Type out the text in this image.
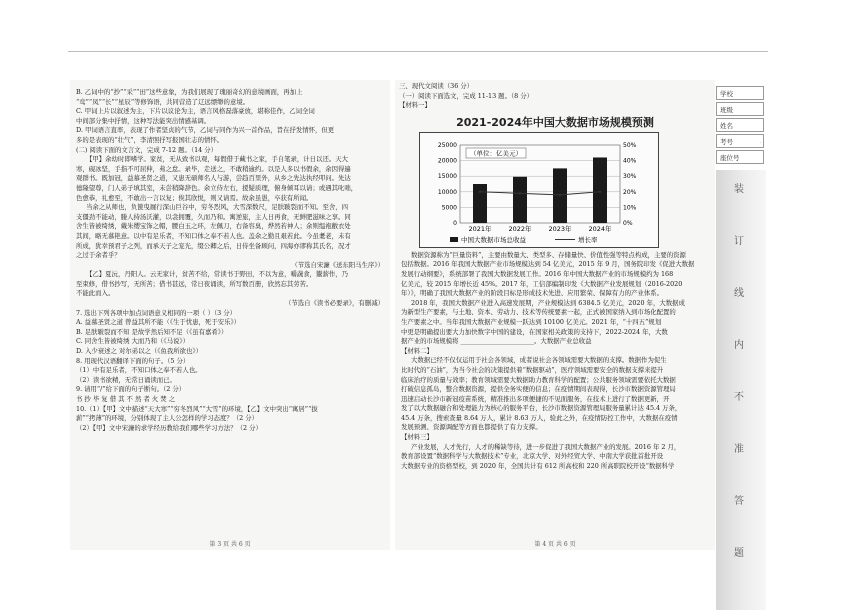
B. 乙词中的“抄”“采”“田”这些意象，为我们展现了瑰丽奇幻的意境画面，再加上
“鸾”“凤”“长”“星辰”等修饰语，共同营造了辽远缥缈的意境。
C. 甲词上片以叙述为主，下片以议论为主，语言风格磊落豪放，堪称佳作，乙词全词
中间部分集中抒情，这种写法能突出情感基调。
D. 甲词语言直率，表现了作者坚贞的气节，乙词与同作为兴一首作品，旨在抒发情怀，但更
多的是表现的“壮气”，李清照抒写报国壮志的情怀。
(二) 阅读下面的文言文，完成 7-12 题。（14 分）
【甲】余幼时即嗜学。家贫，无从致书以观，每假借于藏书之家，手自笔录，计日以还。天大
寒，砚冰坚，手指不可屈伸，弗之怠。录毕，走送之，不敢稍逾约。以是人多以书假余，余因得遍
观群书。既加冠，益慕圣贤之道，又患无硕师名人与游，尝趋百里外，从乡之先达执经叩问。先达
德隆望尊，门人弟子填其室，未尝稍降辞色。余立侍左右，援疑质理，俯身倾耳以请；或遇其叱咄，
色愈恭，礼愈至，不敢出一言以复；俟其欣悦，则又请焉。故余虽愚，卒获有所闻。
当余之从师也，负箧曳屣行深山巨谷中，穷冬烈风，大雪深数尺，足肤皲裂而不知。至舍，四
支僵劲不能动，媵人持汤沃灌，以衾拥覆，久而乃和。寓逆旅，主人日再食，无鲜肥滋味之享。同
舍生皆被绮绣，戴朱缨宝饰之帽，腰白玉之环，左佩刀，右备容臭，烨然若神人；余则缊袍敝衣处
其间，略无慕艳意。以中有足乐者，不知口体之奉不若人也。盖余之勤且艰若此。今虽耄老，未有
所成，犹幸预君子之列，而承天子之宠光，缀公卿之后，日侍坐备顾问，四海亦谬称其氏名，况才
之过于余者乎？
（节选自宋濂《送东阳马生序》）
【乙】夏沅，丹阳人。云无家计，贫苦不给，常读书于野田，不以为意，嚼蔬食，鬻薪作，乃
至束修，借书抄写，无所苦；借书甚远，常日夜诵读，所写数百册，欣然忘其劳苦。
不能此而入。
（节选自《读书必要录》，有删减）
7. 选出下列各项中加点词语意义相同的一项（ ）（3 分）
A. 益慕圣贤之道 曾益其所不能（《生于忧患，死于安乐》）
B. 足肤皲裂而不知 是故学然后知不足（《虽有嘉肴》）
C. 同舍生皆被绮绣 大而乃和（《马说》）
D. 入少衰述之 对尔弟以之（《鱼我所欲也》）
8. 用现代汉语翻译下面的句子。（5 分）
（1）中有足乐者，不知口体之奉不若人也。
（2）读书欲精，无常日诵读而已。
9. 请用“/”给下面的句子断句。（2 分）
书 抄 毕 复 借 其 不 然 者 火 焚 之
10.（1）【甲】文中描述“天大寒”“穷冬烈风”“大雪”的环境，【乙】文中突出“寓居”“拔
薪”“拷薄”的环境，分别体现了主人公怎样的学习态度？（2 分）
（2）【甲】文中宋濂的求学经历教给我们哪些学习方法？（2 分）
第 3 页 共 6 页
三、现代文阅读（36 分）
（一）阅读下面选文，完成 11-13 题。（8 分）
【材料一】
2021-2024年中国大数据市场规模预测
0
5000
10000
15000
20000
25000
0%
10%
20%
30%
40%
50%
2021年	2022年	2023年	2024年
（单位：亿美元）
中国大数据市场总收益	增长率
数据资源称为“巨量资料”，主要由数量大、类型多、存储量快、价值性强等特点构成，主要的资源
包括数据。2016 年我国大数据产业市场规模达到 54 亿美元，2015 年 9 月，国务院印发《促进大数据
发展行动纲要》，系统部署了我国大数据发展工作。2016 年中国大数据产业的市场规模约为 168
亿美元，较 2015 年增长近 45%。2017 年，工信部编制印发《大数据产业发展规划（2016-2020
年）》，明确了我国大数据产业的阶段目标是形成技术先进、应用繁荣、保障有力的产业体系。
2018 年，我国大数据产业进入高速发展期，产业规模达到 6384.5 亿美元，2020 年，大数据成
为新型生产要素，与土地、资本、劳动力、技术等传统要素一起，正式被国家纳入到市场化配置的
生产要素之中。当年我国大数据产业规模一跃达到 10100 亿美元。2021 年，“十四五”规划
中更是明确提出要大力加快数字中国的建设，在国家相关政策的支持下，2022-2024 年，大数
据产业的市场规模将 _______________________。大数据产业总收益
【材料二】
大数据已经不仅仅运用于社会各领域，成者说社会各领域需要大数据的支撑。数据作为促生
比时代的“石油”，为当今社会的决策提供着“数据驱动”，医疗领域需要安全的数据支撑来提升
临床治疗的质量与效率；教育领域需要大数据助力教育科学的配置；公共服务领域需要依托大数据
打破信息孤岛，整合数据资源，提供全务实便的信息；在疫情期间表现得，长沙市数据资源管理局
迅速启动长沙市新冠疫苗系统，精准推出多项便捷的不见面服务，在技术上进行了数据更新，开
发了以大数据融合和处理能力为核心的服务平台，长沙市数据资源管理局服务量累计达 45.4 万条，
45.4 万条，搜索查量 8.64 万人，累计 8.63 万人，验此之外，在疫情防控工作中，大数据在疫情
发展预测、资源调配等方面也都提供了有力支撑。
【材料三】
产业发展，人才先行，人才的稀缺等待，进一步促进了我国大数据产业的发展。2016 年 2 月，
教育部设置“数据科学与大数据技术”专业，北京大学、对外经贸大学、中南大学获批首批开设
大数据专业的资格型校，到 2020 年，全国共计有 612 所高校和 220 所高职院校开设“数据科学
第 4 页 共 6 页
学校
班级
姓名
考号
座位号
装
订
线
内
不
准
答
题
·
